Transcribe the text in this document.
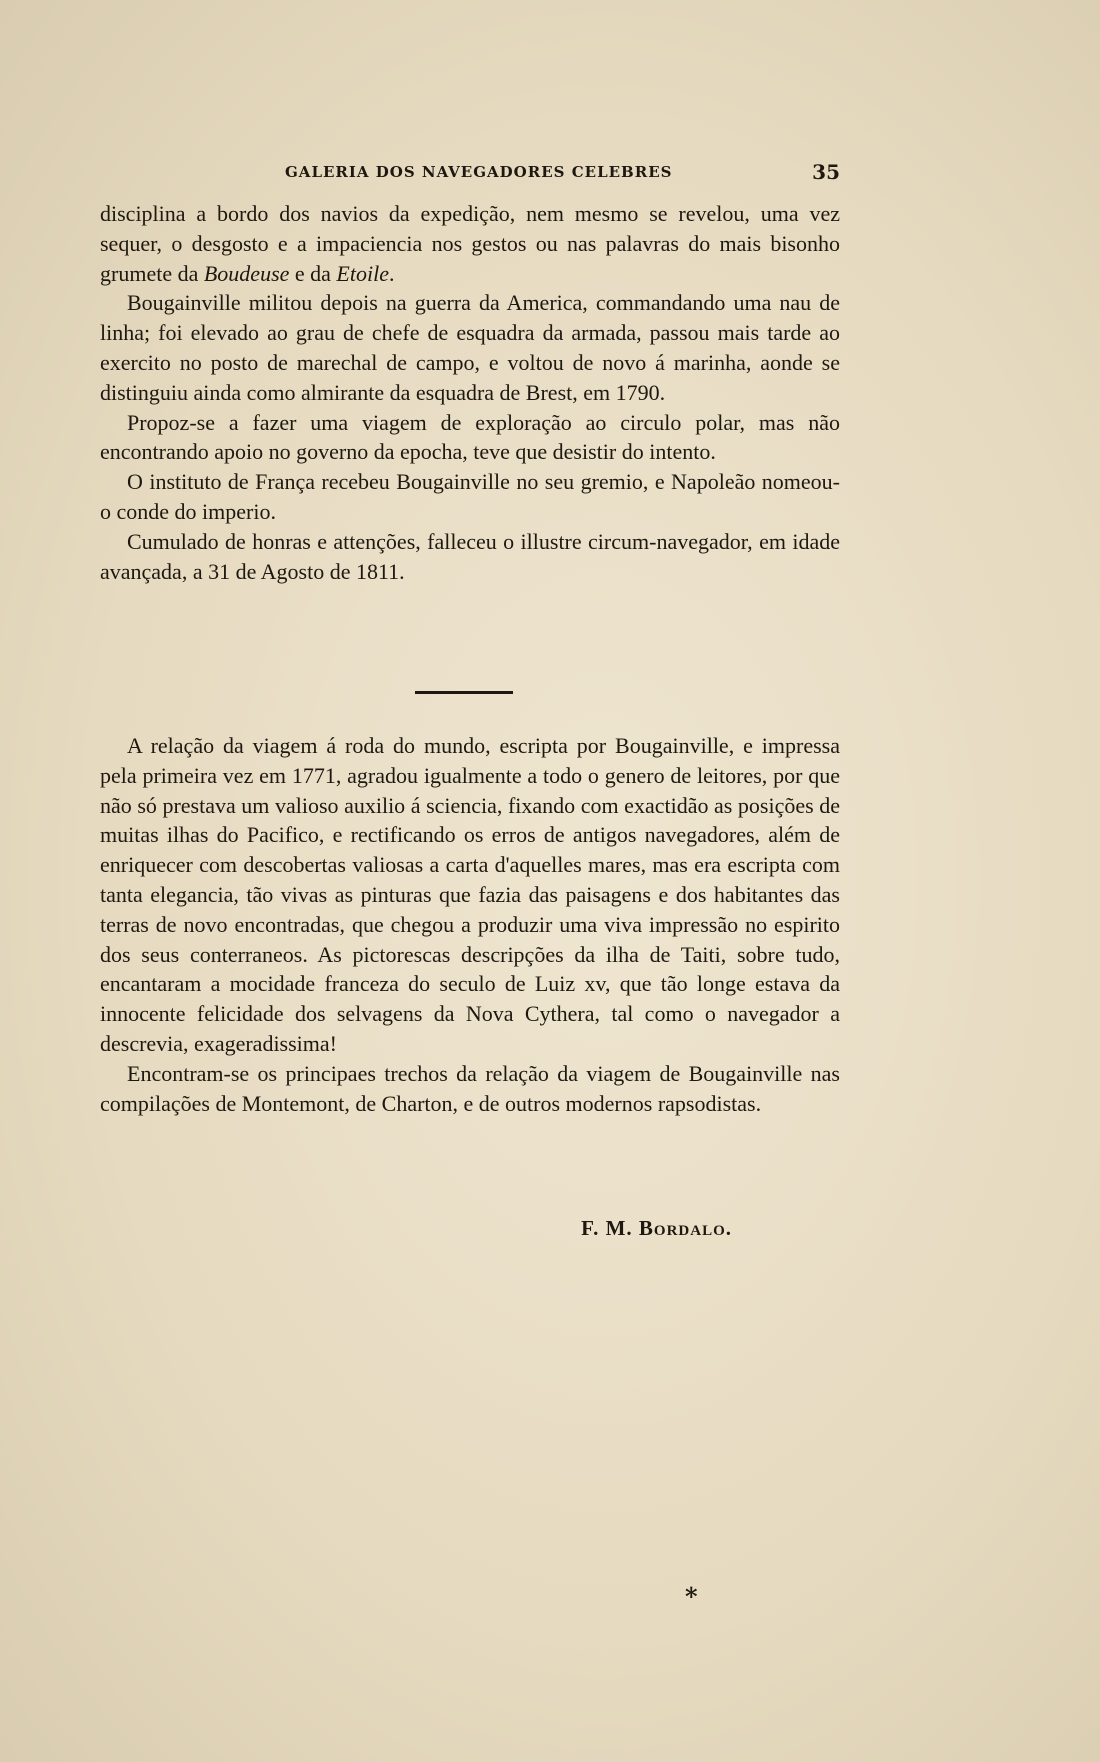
GALERIA DOS NAVEGADORES CELEBRES	35

disciplina a bordo dos navios da expedição, nem mesmo se revelou, uma vez sequer, o desgosto e a impaciencia nos gestos ou nas palavras do mais bisonho grumete da Boudeuse e da Etoile.

Bougainville militou depois na guerra da America, commandando uma nau de linha; foi elevado ao grau de chefe de esquadra da armada, passou mais tarde ao exercito no posto de marechal de campo, e voltou de novo á marinha, aonde se distinguiu ainda como almirante da esquadra de Brest, em 1790.

Propoz-se a fazer uma viagem de exploração ao circulo polar, mas não encontrando apoio no governo da epocha, teve que desistir do intento.

O instituto de França recebeu Bougainville no seu gremio, e Napoleão nomeou-o conde do imperio.

Cumulado de honras e attenções, falleceu o illustre circum-navegador, em idade avançada, a 31 de Agosto de 1811.

A relação da viagem á roda do mundo, escripta por Bougainville, e impressa pela primeira vez em 1771, agradou igualmente a todo o genero de leitores, por que não só prestava um valioso auxilio á sciencia, fixando com exactidão as posições de muitas ilhas do Pacifico, e rectificando os erros de antigos navegadores, além de enriquecer com descobertas valiosas a carta d'aquelles mares, mas era escripta com tanta elegancia, tão vivas as pinturas que fazia das paisagens e dos habitantes das terras de novo encontradas, que chegou a produzir uma viva impressão no espirito dos seus conterraneos. As pictorescas descripções da ilha de Taiti, sobre tudo, encantaram a mocidade franceza do seculo de Luiz xv, que tão longe estava da innocente felicidade dos selvagens da Nova Cythera, tal como o navegador a descrevia, exageradissima!

Encontram-se os principaes trechos da relação da viagem de Bougainville nas compilações de Montemont, de Charton, e de outros modernos rapsodistas.

F. M. Bordalo.
*
